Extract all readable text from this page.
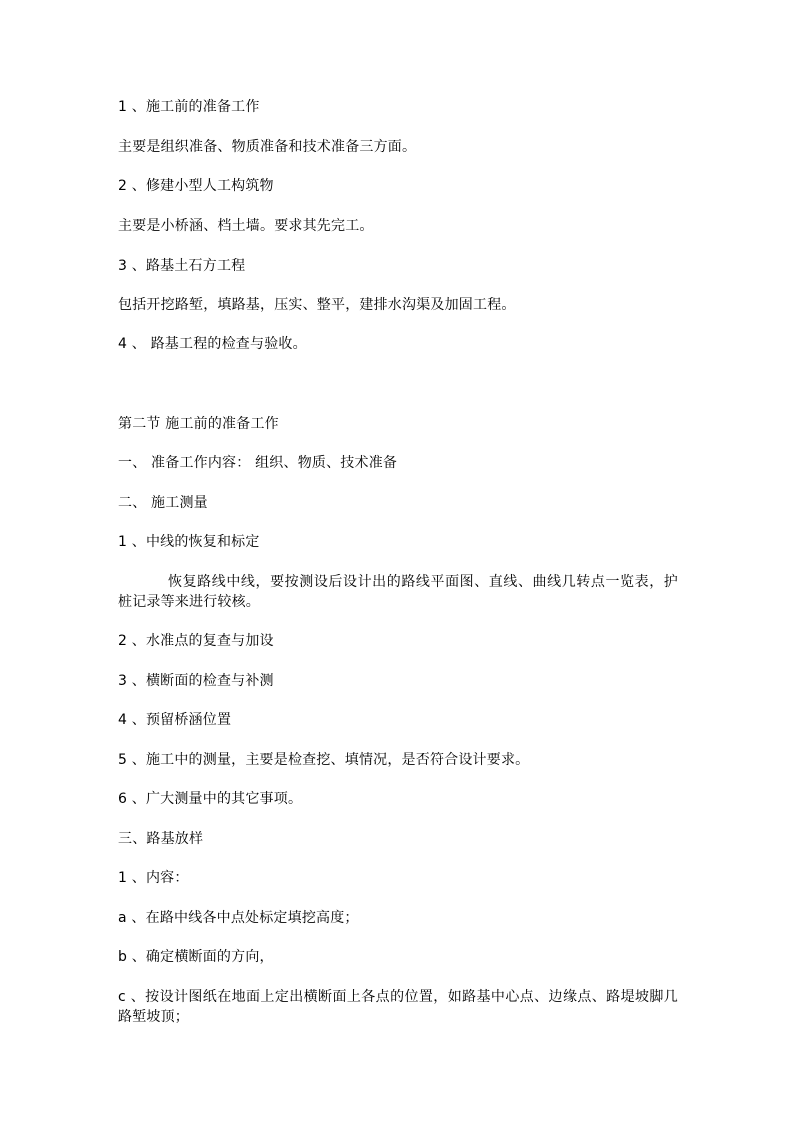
1 、施工前的准备工作
主要是组织准备、物质准备和技术准备三方面。
2 、修建小型人工构筑物
主要是小桥涵、档土墙。要求其先完工。
3 、路基土石方工程
包括开挖路堑，填路基，压实、整平，建排水沟渠及加固工程。
4 、 路基工程的检查与验收。
第二节 施工前的准备工作
一、 准备工作内容： 组织、物质、技术准备
二、 施工测量
1 、中线的恢复和标定
恢复路线中线，要按测设后设计出的路线平面图、直线、曲线几转点一览表，护桩记录等来进行较核。
2 、水准点的复查与加设
3 、横断面的检查与补测
4 、预留桥涵位置
5 、施工中的测量，主要是检查挖、填情况，是否符合设计要求。
6 、广大测量中的其它事项。
三、路基放样
1 、内容：
a 、在路中线各中点处标定填挖高度；
b 、确定横断面的方向，
c 、按设计图纸在地面上定出横断面上各点的位置，如路基中心点、边缘点、路堤坡脚几路堑坡顶；
